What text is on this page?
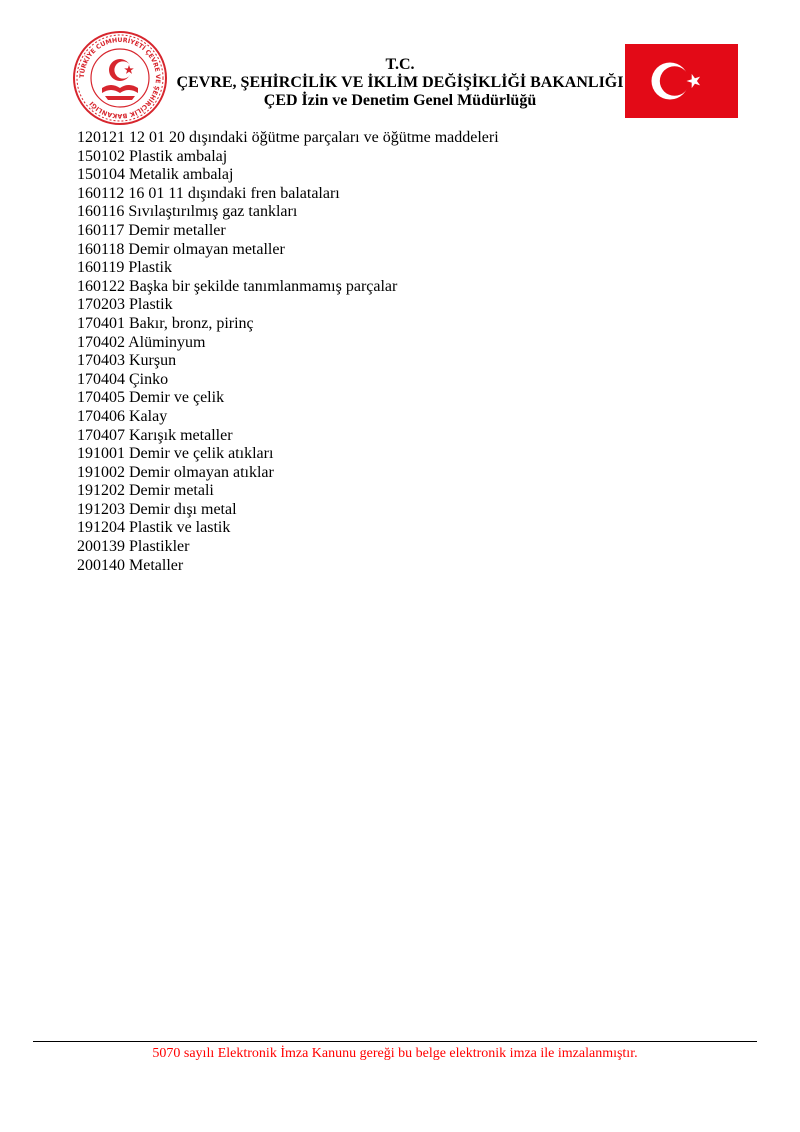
TÜRKİYE CUMHURİYETİ ÇEVRE VE ŞEHİRCİLİK BAKANLIĞI
T.C.
ÇEVRE, ŞEHİRCİLİK VE İKLİM DEĞİŞİKLİĞİ BAKANLIĞI
ÇED İzin ve Denetim Genel Müdürlüğü
120121 12 01 20 dışındaki öğütme parçaları ve öğütme maddeleri
150102 Plastik ambalaj
150104 Metalik ambalaj
160112 16 01 11 dışındaki fren balataları
160116 Sıvılaştırılmış gaz tankları
160117 Demir metaller
160118 Demir olmayan metaller
160119 Plastik
160122 Başka bir şekilde tanımlanmamış parçalar
170203 Plastik
170401 Bakır, bronz, pirinç
170402 Alüminyum
170403 Kurşun
170404 Çinko
170405 Demir ve çelik
170406 Kalay
170407 Karışık metaller
191001 Demir ve çelik atıkları
191002 Demir olmayan atıklar
191202 Demir metali
191203 Demir dışı metal
191204 Plastik ve lastik
200139 Plastikler
200140 Metaller
5070 sayılı Elektronik İmza Kanunu gereği bu belge elektronik imza ile imzalanmıştır.
